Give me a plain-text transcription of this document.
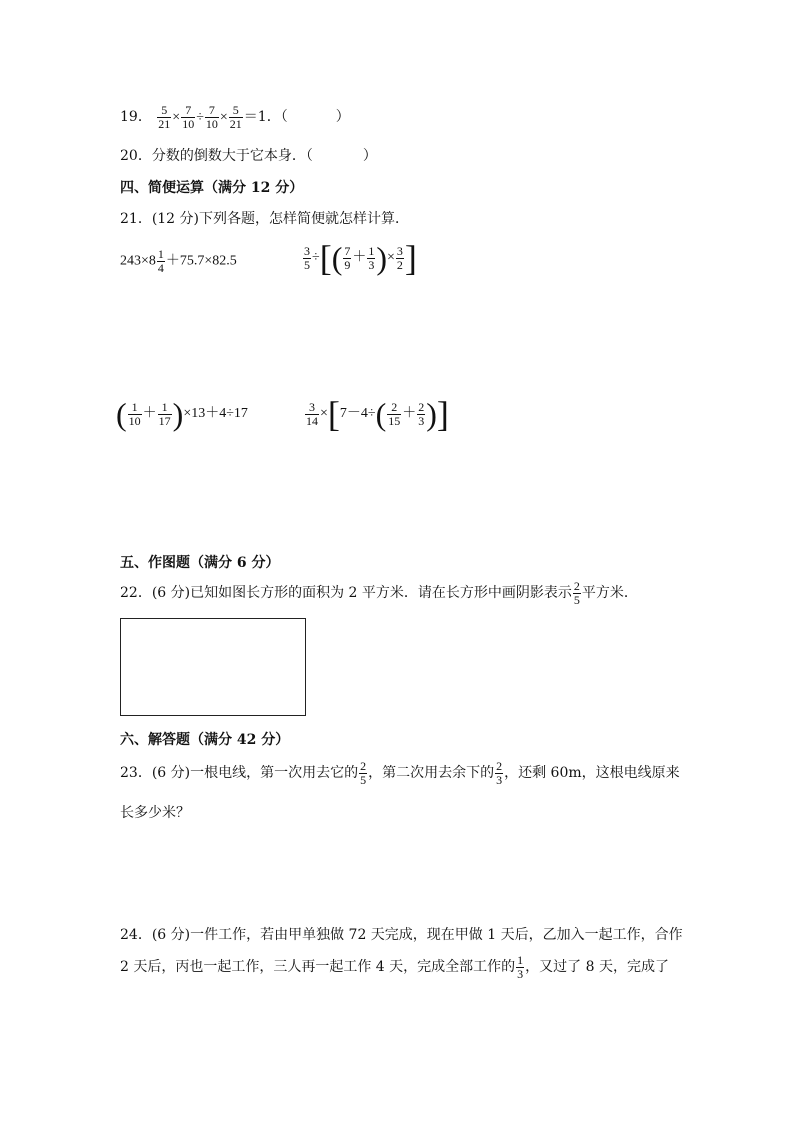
19． $\frac{5}{21} \times \frac{7}{10} \div \frac{7}{10} \times \frac{5}{21} =1$．（	）
20．分数的倒数大于它本身．（	）
四、简便运算（满分 12 分）
21．(12 分)下列各题，怎样简便就怎样计算．
$243\times 8 \frac{1}{4} +75.7\times 82.5$	$\frac{3}{5}$ ÷[( $\frac{7}{9} + \frac{1}{3}$ )× $\frac{3}{2}$ ]
( $\frac{1}{10} + \frac{1}{17} )\times 13+4\div 17$	$\frac{3}{14} \times[7-4\div( \frac{2}{15} + \frac{2}{3}$ )]
五、作图题（满分 6 分）
22．(6 分)已知如图长方形的面积为 2 平方米．请在长方形中画阴影表示 $\frac{2}{5}$ 平方米．
六、解答题（满分 42 分）
23．(6 分)一根电线，第一次用去它的 $\frac{2}{5}$ ，第二次用去余下的 $\frac{2}{3}$ ，还剩 60m，这根电线原来
长多少米？
24．(6 分)一件工作，若由甲单独做 72 天完成，现在甲做 1 天后，乙加入一起工作，合作
2 天后，丙也一起工作，三人再一起工作 4 天，完成全部工作的 $\frac{1}{3}$ ，又过了 8 天，完成了
